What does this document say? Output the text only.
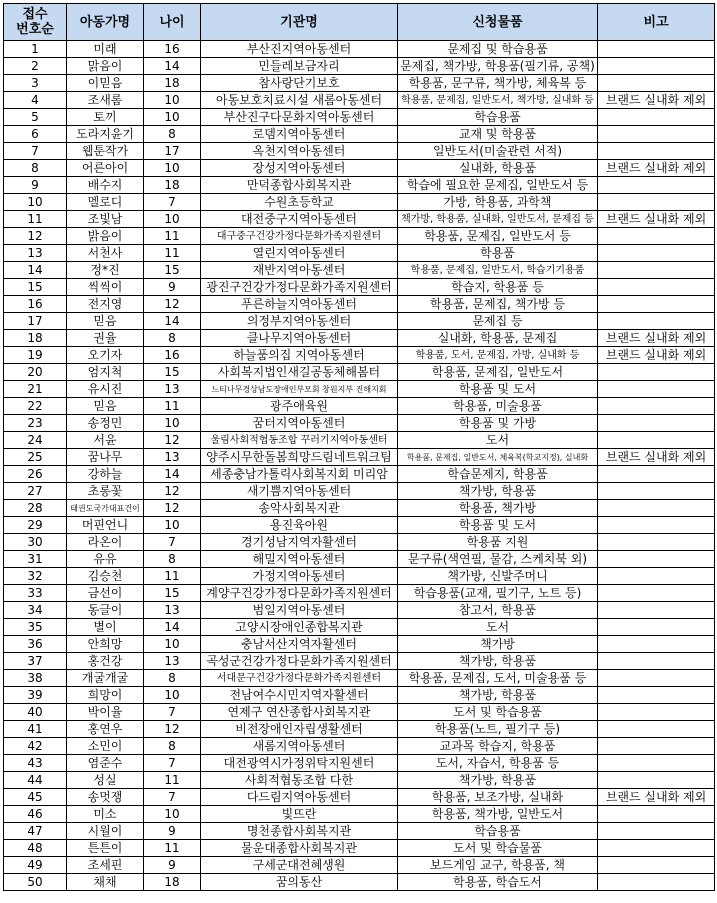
접수
번호순	아동가명	나이	기관명	신청물품	비고
1	미래	16	부산진지역아동센터	문제집 및 학습용품	
2	맑음이	14	민들레보금자리	문제집, 책가방, 학용품(필기류, 공책)	
3	이믿음	18	참사랑단기보호	학용품, 문구류, 책가방, 체육복 등	
4	조새롬	10	아동보호치료시설 새롬아동센터	학용품, 문제집, 일반도서, 책가방, 실내화 등	브랜드 실내화 제외
5	토끼	10	부산진구다문화지역아동센터	학습용품	
6	도라지윤기	8	로뎀지역아동센터	교재 및 학용품	
7	웹툰작가	17	옥천지역아동센터	일반도서(미술관련 서적)	
8	어른아이	10	장성지역아동센터	실내화, 학용품	브랜드 실내화 제외
9	배수지	18	만덕종합사회복지관	학습에 필요한 문제집, 일반도서 등	
10	멜로디	7	수원초등학교	가방, 학용품, 과학책	
11	조빛남	10	대전중구지역아동센터	책가방, 학용품, 실내화, 일반도서, 문제집 등	브랜드 실내화 제외
12	밝음이	11	대구중구건강가정다문화가족지원센터	학용품, 문제집, 일반도서 등	
13	서천사	11	열린지역아동센터	학용품	
14	정*진	15	재반지역아동센터	학용품, 문제집, 일반도서, 학습기기용품	
15	씩씩이	9	광진구건강가정다문화가족지원센터	학습지, 학용품 등	
16	전지영	12	푸른하늘지역아동센터	학용품, 문제집, 책가방 등	
17	믿음	14	의정부지역아동센터	문제집 등	
18	권율	8	클나무지역아동센터	실내화, 학용품, 문제집	브랜드 실내화 제외
19	오기자	16	하늘품의집 지역아동센터	학용품, 도서, 문제집, 가방, 실내화 등	브랜드 실내화 제외
20	엄지척	15	사회복지법인새길공동체해봄터	학용품, 문제집, 일반도서	
21	유시진	13	느티나무경상남도장애인부모회 창원지부 진해지회	학용품 및 도서	
22	믿음	11	광주애육원	학용품, 미술용품	
23	송정민	10	꿈터지역아동센터	학용품 및 가방	
24	서윤	12	울림사회적협동조합 꾸러기지역아동센터	도서	
25	꿈나무	13	양주시무한돌봄희망드림네트워크팀	학용품, 문제집, 일반도서, 체육복(학교지정), 실내화	브랜드 실내화 제외
26	강하늘	14	세종충남가톨릭사회복지회 미리암	학습문제지, 학용품	
27	초롱꽃	12	새기쁨지역아동센터	책가방, 학용품	
28	태권도국가대표건이	12	송악사회복지관	학용품, 책가방	
29	머핀언니	10	용진육아원	학용품 및 도서	
30	라온이	7	경기성남지역자활센터	학용품 지원	
31	유유	8	해밀지역아동센터	문구류(색연필, 물감, 스케치북 외)	
32	김승천	11	가정지역아동센터	책가방, 신발주머니	
33	금선이	15	계양구건강가정다문화가족지원센터	학습용품(교재, 필기구, 노트 등)	
34	동글이	13	범일지역아동센터	참고서, 학용품	
35	별이	14	고양시장애인종합복지관	도서	
36	안희망	10	충남서산지역자활센터	책가방	
37	홍건강	13	곡성군건강가정다문화가족지원센터	책가방, 학용품	
38	개굴개굴	8	서대문구건강가정다문화가족지원센터	학용품, 문제집, 도서, 미술용품 등	
39	희망이	10	전남여수시민지역자활센터	책가방, 학용품	
40	박이율	7	연제구 연산종합사회복지관	도서 및 학습용품	
41	홍연우	12	비전장애인자립생활센터	학용품(노트, 필기구 등)	
42	소민이	8	새롬지역아동센터	교과목 학습지, 학용품	
43	염준수	7	대전광역시가정위탁지원센터	도서, 자습서, 학용품 등	
44	성실	11	사회적협동조합 다한	책가방, 학용품	
45	송멋쟁	7	다드림지역아동센터	학용품, 보조가방, 실내화	브랜드 실내화 제외
46	미소	10	빛뜨란	학용품, 책가방, 일반도서	
47	시월이	9	명천종합사회복지관	학습용품	
48	튼튼이	11	물운대종합사회복지관	도서 및 학습물품	
49	조세핀	9	구세군대전혜생원	보드게임 교구, 학용품, 책	
50	채채	18	꿈의동산	학용품, 학습도서	
